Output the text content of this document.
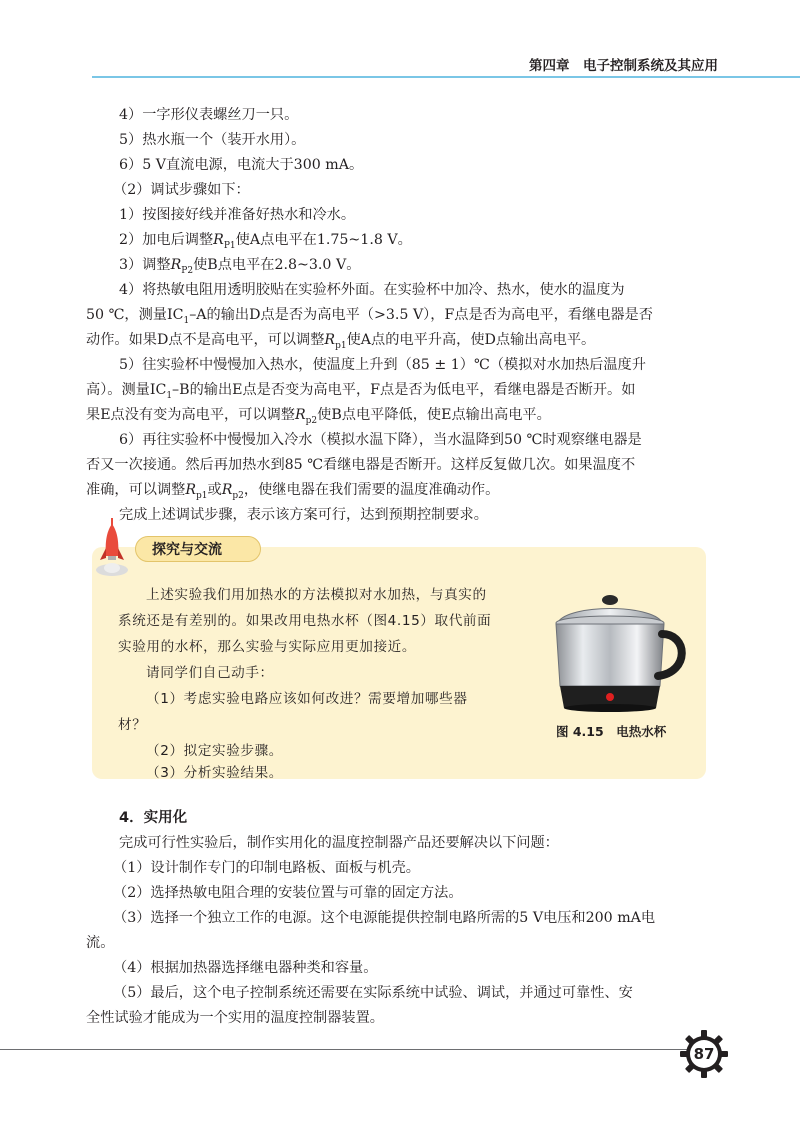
第四章　电子控制系统及其应用

4）一字形仪表螺丝刀一只。

5）热水瓶一个（装开水用）。

6）5 V直流电源，电流大于300 mA。

（2）调试步骤如下：

1）按图接好线并准备好热水和冷水。

2）加电后调整$R_{P1}$使A点电平在1.75~1.8 V。

3）调整$R_{P2}$使B点电平在2.8~3.0 V。

4）将热敏电阻用透明胶贴在实验杯外面。在实验杯中加冷、热水，使水的温度为

50 ℃，测量$IC_1-A$的输出D点是否为高电平（>3.5 V），F点是否为高电平，看继电器是否

动作。如果D点不是高电平，可以调整$R_{p1}$使A点的电平升高，使D点输出高电平。

5）往实验杯中慢慢加入热水，使温度上升到（85 ± 1）℃（模拟对水加热后温度升

高）。测量$IC_1-B$的输出E点是否变为高电平，F点是否为低电平，看继电器是否断开。如

果E点没有变为高电平，可以调整$R_{p2}$使B点电平降低，使E点输出高电平。

6）再往实验杯中慢慢加入冷水（模拟水温下降），当水温降到50 ℃时观察继电器是

否又一次接通。然后再加热水到85 ℃看继电器是否断开。这样反复做几次。如果温度不

准确，可以调整$R_{p1}$或$R_{p2}$，使继电器在我们需要的温度准确动作。

完成上述调试步骤，表示该方案可行，达到预期控制要求。

探究与交流

上述实验我们用加热水的方法模拟对水加热，与真实的

系统还是有差别的。如果改用电热水杯（图4.15）取代前面

实验用的水杯，那么实验与实际应用更加接近。

请同学们自己动手：

（1）考虑实验电路应该如何改进？需要增加哪些器

材？

（2）拟定实验步骤。

（3）分析实验结果。

图 4.15　电热水杯
4．实用化

完成可行性实验后，制作实用化的温度控制器产品还要解决以下问题：

（1）设计制作专门的印制电路板、面板与机壳。

（2）选择热敏电阻合理的安装位置与可靠的固定方法。

（3）选择一个独立工作的电源。这个电源能提供控制电路所需的5 V电压和200 mA电

流。

（4）根据加热器选择继电器种类和容量。

（5）最后，这个电子控制系统还需要在实际系统中试验、调试，并通过可靠性、安

全性试验才能成为一个实用的温度控制器装置。

87
